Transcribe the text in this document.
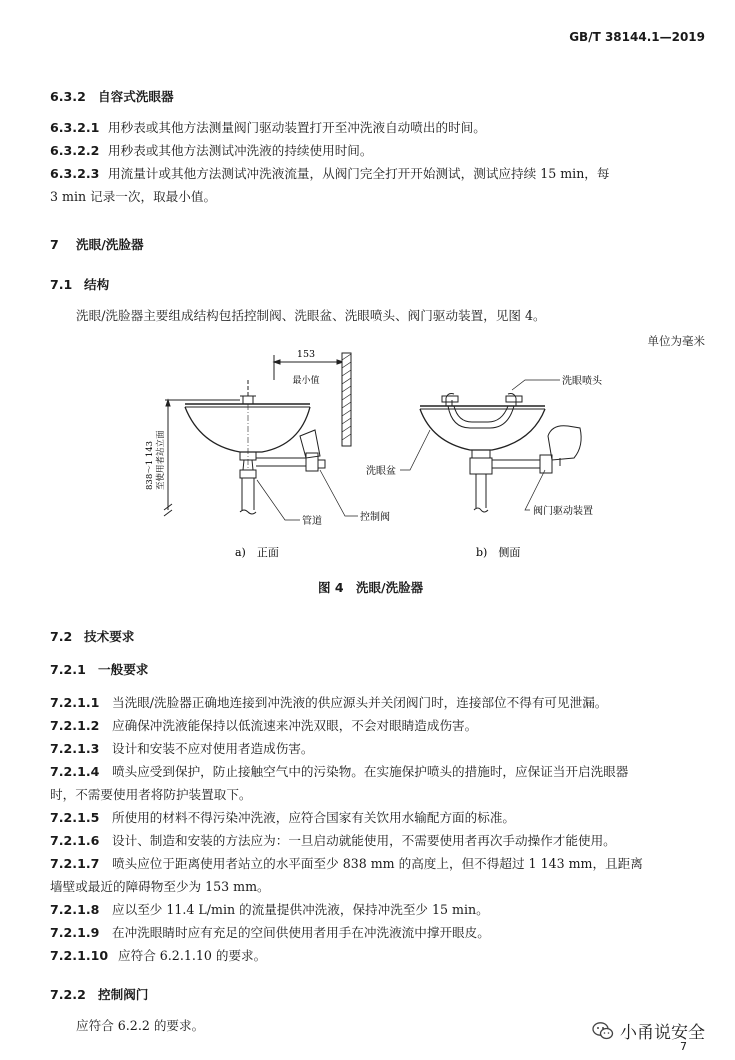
GB/T 38144.1—2019
6.3.2 自容式洗眼器
6.3.2.1 用秒表或其他方法测量阀门驱动装置打开至冲洗液自动喷出的时间。
6.3.2.2 用秒表或其他方法测试冲洗液的持续使用时间。
6.3.2.3 用流量计或其他方法测试冲洗液流量，从阀门完全打开开始测试，测试应持续 15 min，每
3 min 记录一次，取最小值。
7 洗眼/洗脸器
7.1 结构
洗眼/洗脸器主要组成结构包括控制阀、洗眼盆、洗眼喷头、阀门驱动装置，见图 4。
单位为毫米
153
最小值
838～1 143 至使用者站立面
管道	控制阀
洗眼喷头
洗眼盆
阀门驱动装置
a)　正面	b)　侧面
图 4　洗眼/洗脸器
7.2 技术要求
7.2.1 一般要求
7.2.1.1 当洗眼/洗脸器正确地连接到冲洗液的供应源头并关闭阀门时，连接部位不得有可见泄漏。
7.2.1.2 应确保冲洗液能保持以低流速来冲洗双眼，不会对眼睛造成伤害。
7.2.1.3 设计和安装不应对使用者造成伤害。
7.2.1.4 喷头应受到保护，防止接触空气中的污染物。在实施保护喷头的措施时，应保证当开启洗眼器
时，不需要使用者将防护装置取下。
7.2.1.5 所使用的材料不得污染冲洗液，应符合国家有关饮用水输配方面的标准。
7.2.1.6 设计、制造和安装的方法应为：一旦启动就能使用，不需要使用者再次手动操作才能使用。
7.2.1.7 喷头应位于距离使用者站立的水平面至少 838 mm 的高度上，但不得超过 1 143 mm，且距离
墙壁或最近的障碍物至少为 153 mm。
7.2.1.8 应以至少 11.4 L/min 的流量提供冲洗液，保持冲洗至少 15 min。
7.2.1.9 在冲洗眼睛时应有充足的空间供使用者用手在冲洗液流中撑开眼皮。
7.2.1.10 应符合 6.2.1.10 的要求。
7.2.2 控制阀门
应符合 6.2.2 的要求。	小甬说安全
7
